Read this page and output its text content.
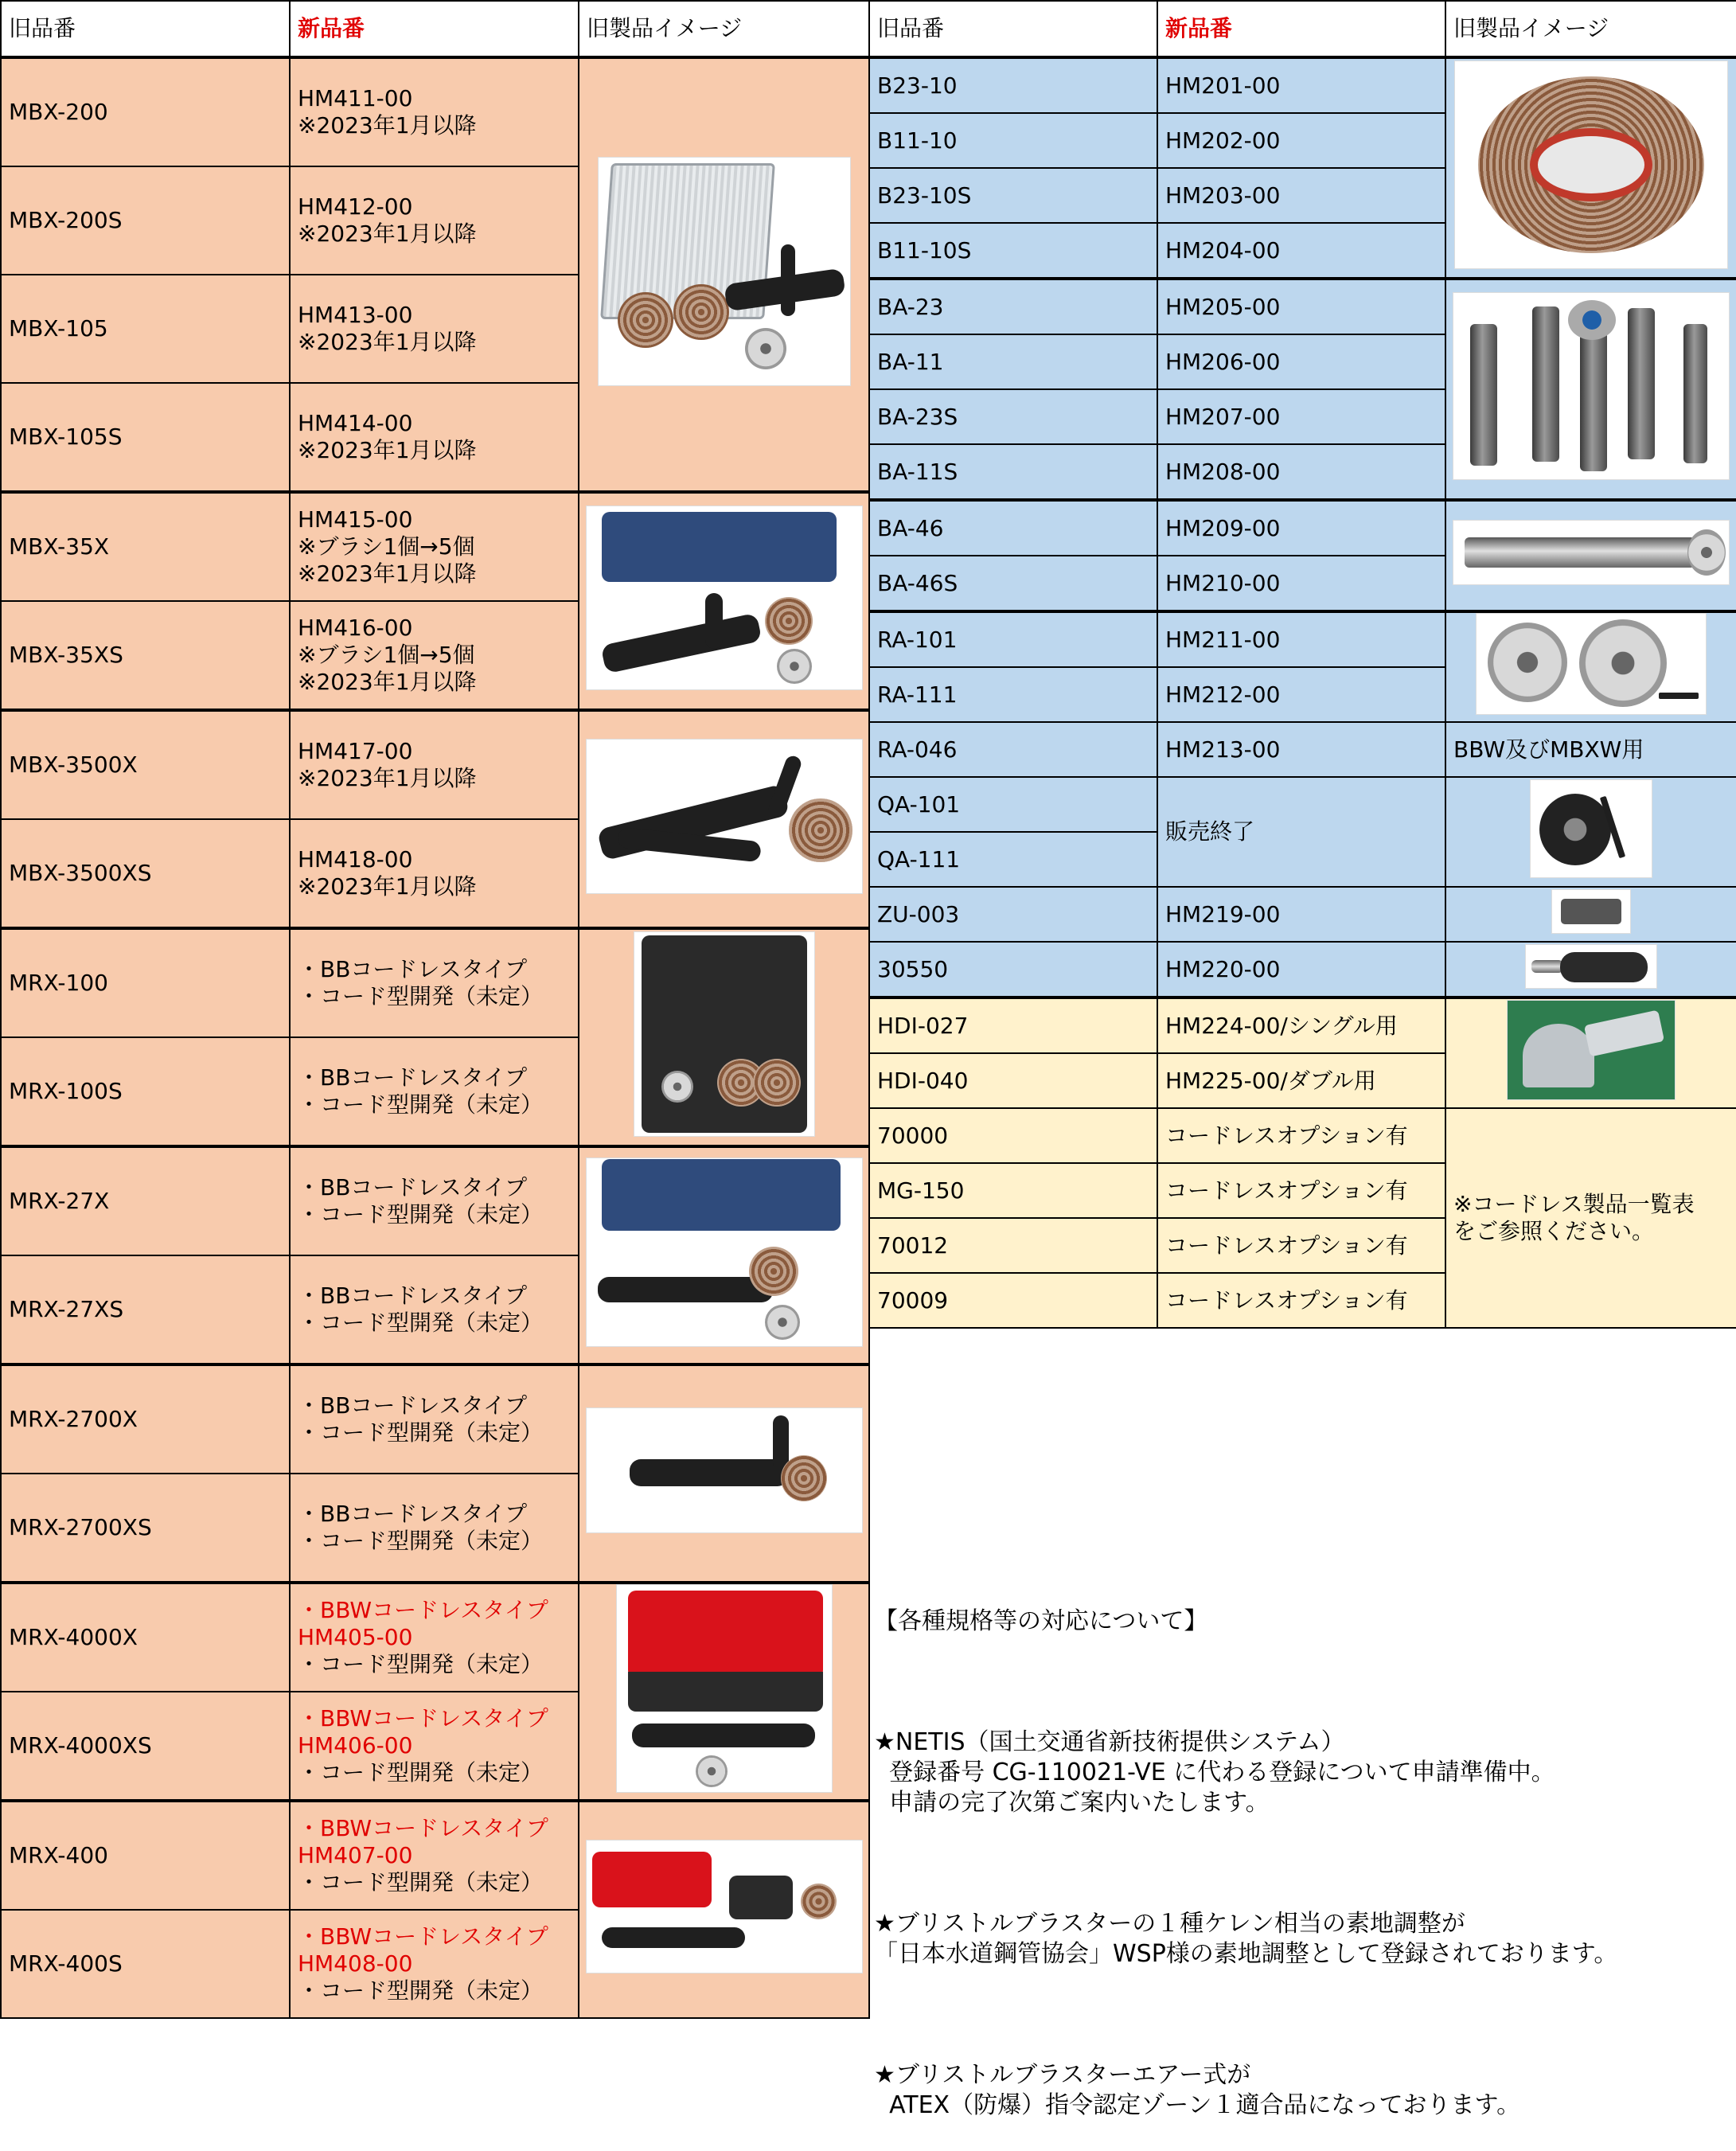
旧品番	新品番	旧製品イメージ
MBX-200	HM411-00
※2023年1月以降	

MBX-200S	HM412-00
※2023年1月以降	

MBX-105	HM413-00
※2023年1月以降	

MBX-105S	HM414-00
※2023年1月以降	

MBX-35X	HM415-00
※ブラシ1個→5個
※2023年1月以降	

MBX-35XS	HM416-00
※ブラシ1個→5個
※2023年1月以降	

MBX-3500X	HM417-00
※2023年1月以降	

MBX-3500XS	HM418-00
※2023年1月以降	

MRX-100	・BBコードレスタイプ
・コード型開発（未定）	

MRX-100S	・BBコードレスタイプ
・コード型開発（未定）	

MRX-27X	・BBコードレスタイプ
・コード型開発（未定）	

MRX-27XS	・BBコードレスタイプ
・コード型開発（未定）	

MRX-2700X	・BBコードレスタイプ
・コード型開発（未定）	

MRX-2700XS	・BBコードレスタイプ
・コード型開発（未定）	

MRX-4000X	・BBWコードレスタイプ
HM405-00
・コード型開発（未定）	

MRX-4000XS	・BBWコードレスタイプ
HM406-00
・コード型開発（未定）	

MRX-400	・BBWコードレスタイプ
HM407-00
・コード型開発（未定）	

MRX-400S	・BBWコードレスタイプ
HM408-00
・コード型開発（未定）	
旧品番	新品番	旧製品イメージ
B23-10	HM201-00	

B11-10	HM202-00	
B23-10S	HM203-00	
B11-10S	HM204-00	
BA-23	HM205-00	

BA-11	HM206-00	
BA-23S	HM207-00	
BA-11S	HM208-00	
BA-46	HM209-00	

BA-46S	HM210-00	
RA-101	HM211-00	

RA-111	HM212-00	
RA-046	HM213-00	BBW及びMBXW用
QA-101	販売終了	

QA-111		
ZU-003	HM219-00	

30550	HM220-00	

HDI-027	HM224-00/シングル用	

HDI-040	HM225-00/ダブル用	
70000	コードレスオプション有	※コードレス製品一覧表
をご参照ください。
MG-150	コードレスオプション有	
70012	コードレスオプション有	
70009	コードレスオプション有	

【各種規格等の対応について】

★NETIS（国土交通省新技術提供システム）
登録番号 CG-110021-VE に代わる登録について申請準備中。
申請の完了次第ご案内いたします。

★ブリストルブラスターの１種ケレン相当の素地調整が
「日本水道鋼管協会」WSP様の素地調整として登録されております。

★ブリストルブラスターエアー式が
ATEX（防爆）指令認定ゾーン１適合品になっております。
